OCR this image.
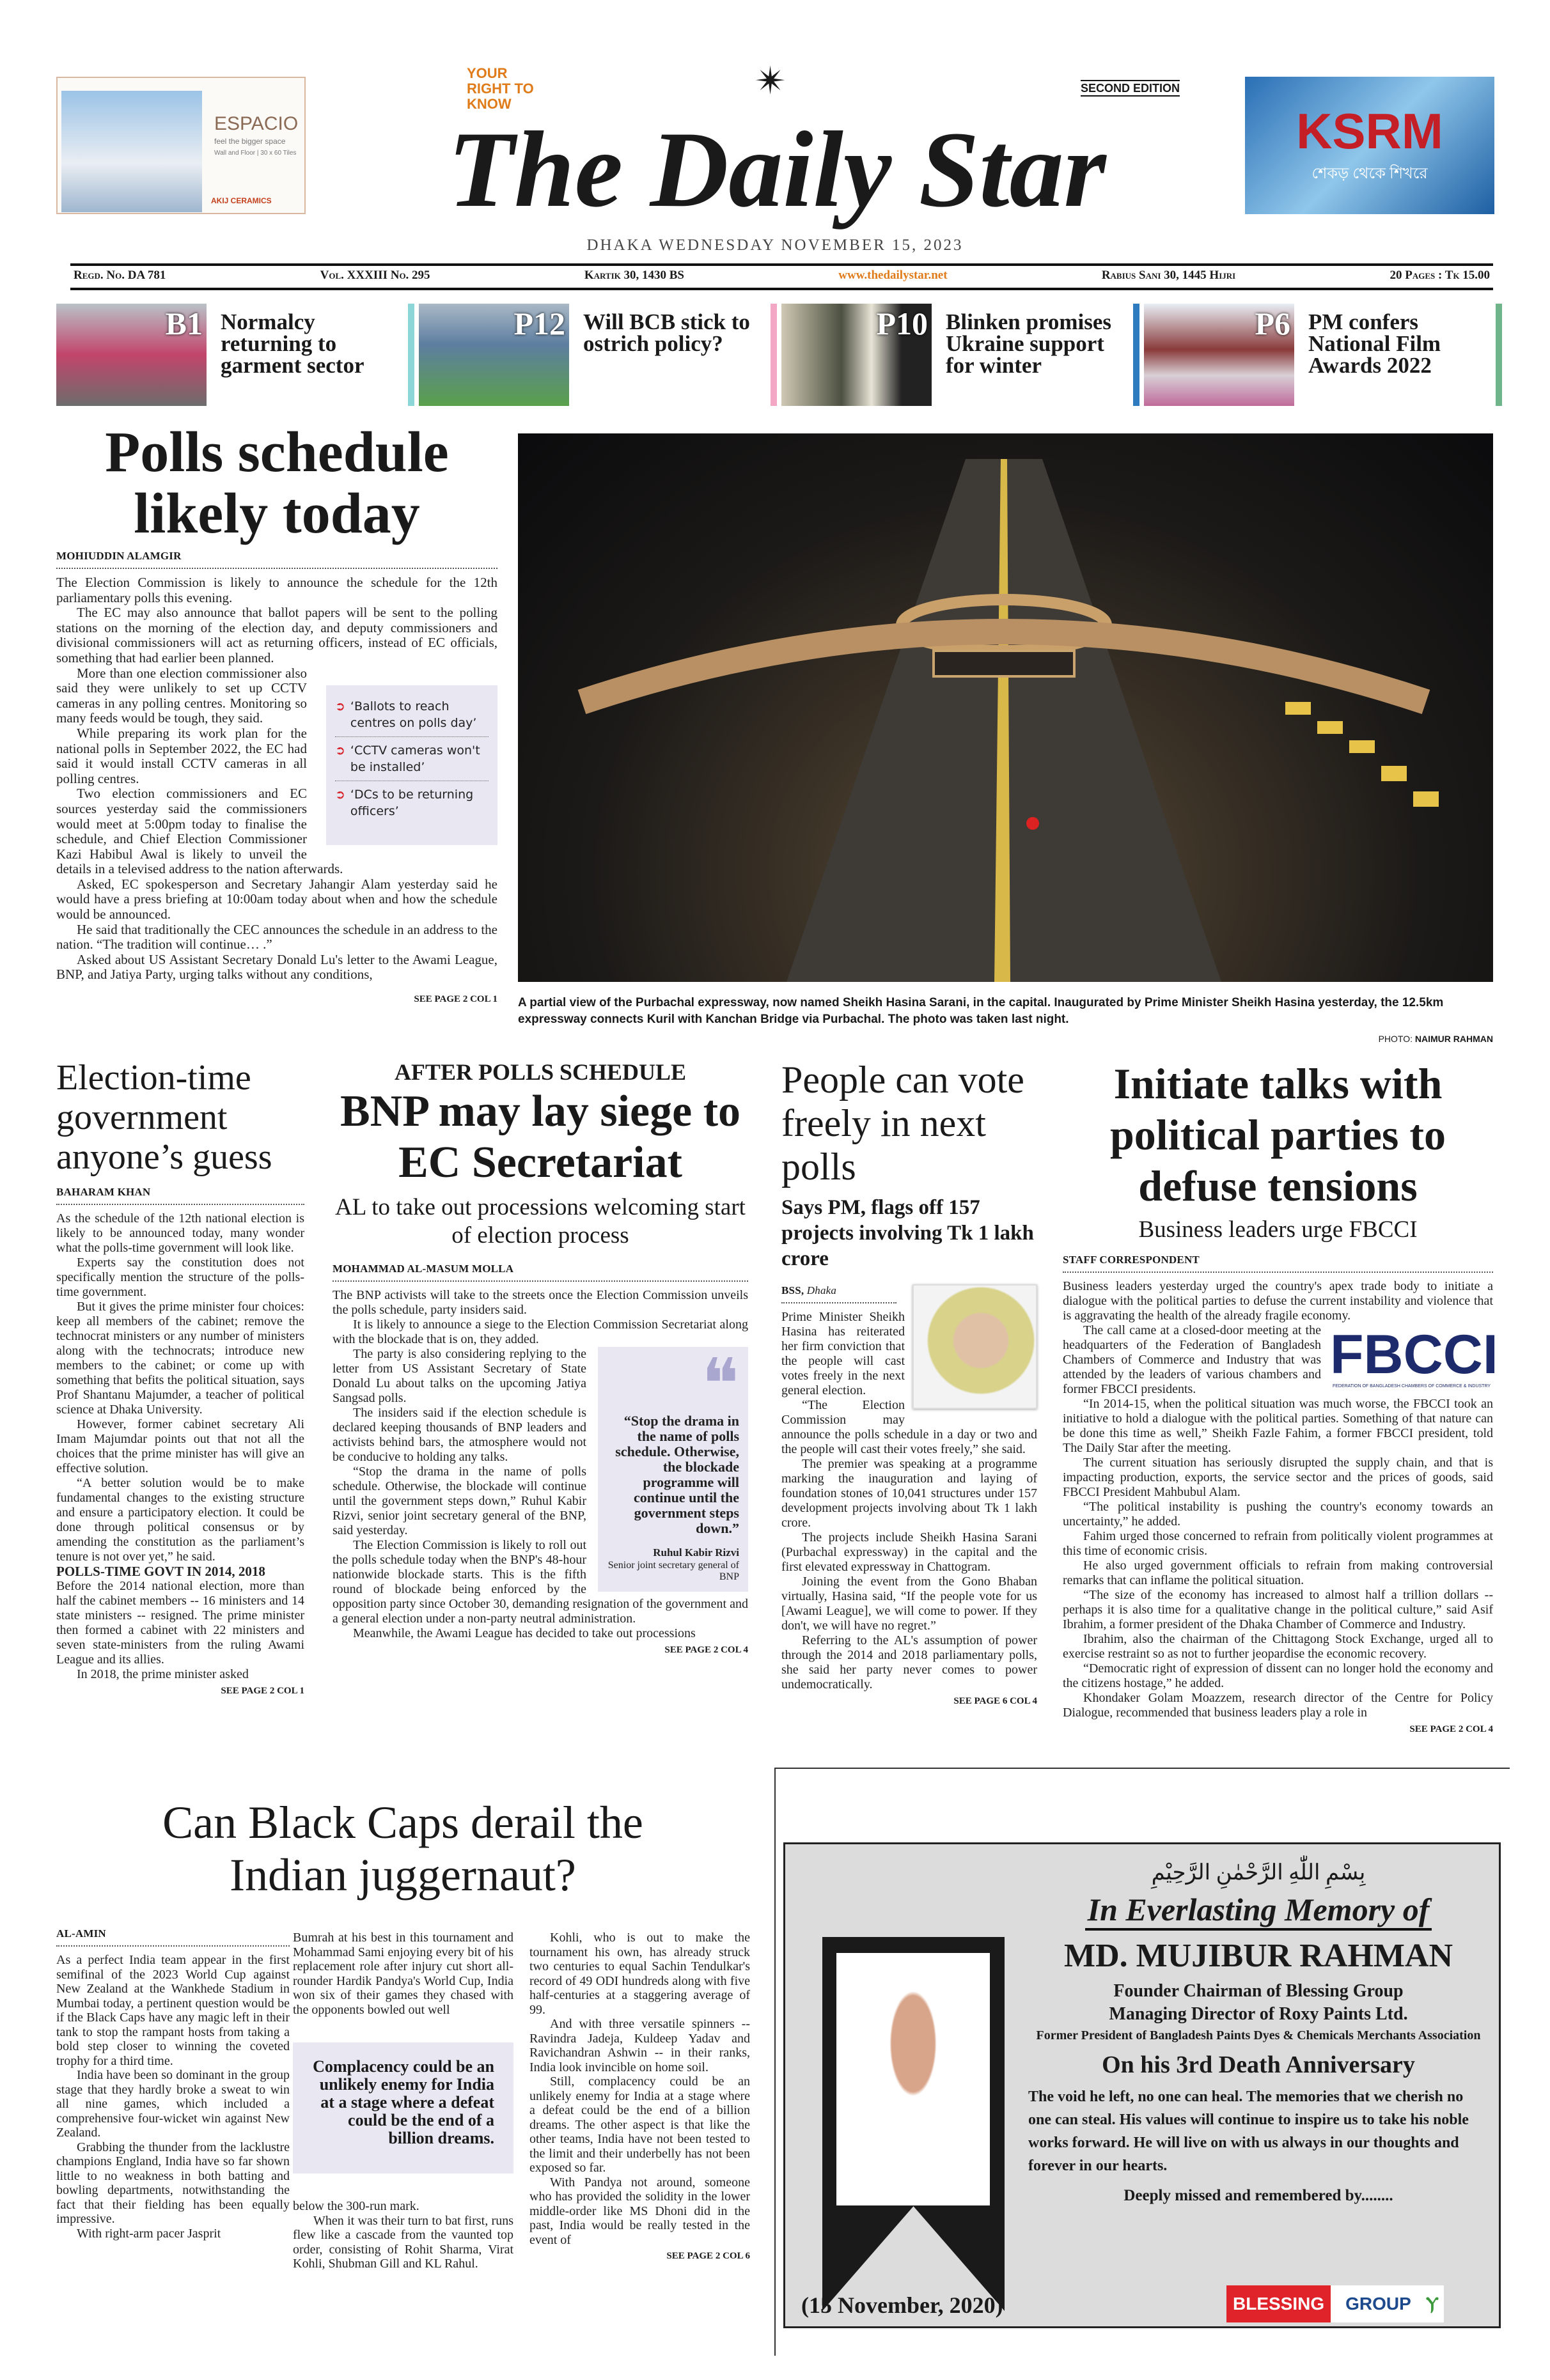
ESPACIO
feel the bigger space
Wall and Floor | 30 x 60 Tiles
AKIJ CERAMICS	The Daily Star
YOUR RIGHT TO KNOW
✴	SECOND EDITION
KSRM
শেকড় থেকে শিখরে
DHAKA WEDNESDAY NOVEMBER 15, 2023
Regd. No. DA 781	Vol. XXXIII No. 295	Kartik 30, 1430 BS	www.thedailystar.net	Rabius Sani 30, 1445 Hijri	20 Pages : Tk 15.00
B1 Normalcy returning to garment sector
P12 Will BCB stick to ostrich policy?
P10 Blinken promises Ukraine support for winter
P6 PM confers National Film Awards 2022
Polls schedule likely today
MOHIUDDIN ALAMGIR

The Election Commission is likely to announce the schedule for the 12th parliamentary polls this evening.

The EC may also announce that ballot papers will be sent to the polling stations on the morning of the election day, and deputy commissioners and divisional commissioners will act as returning officers, instead of EC officials, something that had earlier been planned.

➲ ‘Ballots to reach centres on polls day’
➲ ‘CCTV cameras won't be installed’
➲ ‘DCs to be returning officers’

More than one election commissioner also said they were unlikely to set up CCTV cameras in any polling centres. Monitoring so many feeds would be tough, they said.

While preparing its work plan for the national polls in September 2022, the EC had said it would install CCTV cameras in all polling centres.

Two election commissioners and EC sources yesterday said the commissioners would meet at 5:00pm today to finalise the schedule, and Chief Election Commissioner Kazi Habibul Awal is likely to unveil the details in a televised address to the nation afterwards.

Asked, EC spokesperson and Secretary Jahangir Alam yesterday said he would have a press briefing at 10:00am today about when and how the schedule would be announced.

He said that traditionally the CEC announces the schedule in an address to the nation. “The tradition will continue… .”

Asked about US Assistant Secretary Donald Lu's letter to the Awami League, BNP, and Jatiya Party, urging talks without any conditions,

SEE PAGE 2 COL 1 A partial view of the Purbachal expressway, now named Sheikh Hasina Sarani, in the capital. Inaugurated by Prime Minister Sheikh Hasina yesterday, the 12.5km expressway connects Kuril with Kanchan Bridge via Purbachal. The photo was taken last night.
PHOTO: NAIMUR RAHMAN
Election-time government anyone’s guess
BAHARAM KHAN

As the schedule of the 12th national election is likely to be announced today, many wonder what the polls-time government will look like.

Experts say the constitution does not specifically mention the structure of the polls-time government.

But it gives the prime minister four choices: keep all members of the cabinet; remove the technocrat ministers or any number of ministers along with the technocrats; introduce new members to the cabinet; or come up with something that befits the political situation, says Prof Shantanu Majumder, a teacher of political science at Dhaka University.

However, former cabinet secretary Ali Imam Majumdar points out that not all the choices that the prime minister has will give an effective solution.

“A better solution would be to make fundamental changes to the existing structure and ensure a participatory election. It could be done through political consensus or by amending the constitution as the parliament’s tenure is not over yet,” he said.

POLLS-TIME GOVT IN 2014, 2018

Before the 2014 national election, more than half the cabinet members -- 16 ministers and 14 state ministers -- resigned. The prime minister then formed a cabinet with 22 ministers and seven state-ministers from the ruling Awami League and its allies.

In 2018, the prime minister asked

SEE PAGE 2 COL 1
AFTER POLLS SCHEDULE
BNP may lay siege to EC Secretariat
AL to take out processions welcoming start of election process
MOHAMMAD AL-MASUM MOLLA

The BNP activists will take to the streets once the Election Commission unveils the polls schedule, party insiders said.

It is likely to announce a siege to the Election Commission Secretariat along with the blockade that is on, they added.

❝
“Stop the drama in the name of polls schedule. Otherwise, the blockade programme will continue until the government steps down.”
Ruhul Kabir Rizvi
Senior joint secretary general of BNP

The party is also considering replying to the letter from US Assistant Secretary of State Donald Lu about talks on the upcoming Jatiya Sangsad polls.

The insiders said if the election schedule is declared keeping thousands of BNP leaders and activists behind bars, the atmosphere would not be conducive to holding any talks.

“Stop the drama in the name of polls schedule. Otherwise, the blockade will continue until the government steps down,” Ruhul Kabir Rizvi, senior joint secretary general of the BNP, said yesterday.

The Election Commission is likely to roll out the polls schedule today when the BNP's 48-hour nationwide blockade starts. This is the fifth round of blockade being enforced by the opposition party since October 30, demanding resignation of the government and a general election under a non-party neutral administration.

Meanwhile, the Awami League has decided to take out processions

SEE PAGE 2 COL 4
People can vote freely in next polls
Says PM, flags off 157 projects involving Tk 1 lakh crore
BSS, Dhaka

Prime Minister Sheikh Hasina has reiterated her firm conviction that the people will cast votes freely in the next general election.

“The Election Commission may announce the polls schedule in a day or two and the people will cast their votes freely,” she said.

The premier was speaking at a programme marking the inauguration and laying of foundation stones of 10,041 structures under 157 development projects involving about Tk 1 lakh crore.

The projects include Sheikh Hasina Sarani (Purbachal expressway) in the capital and the first elevated expressway in Chattogram.

Joining the event from the Gono Bhaban virtually, Hasina said, “If the people vote for us [Awami League], we will come to power. If they don't, we will have no regret.”

Referring to the AL's assumption of power through the 2014 and 2018 parliamentary polls, she said her party never comes to power undemocratically.

SEE PAGE 6 COL 4
Initiate talks with political parties to defuse tensions
Business leaders urge FBCCI
STAFF CORRESPONDENT

Business leaders yesterday urged the country's apex trade body to initiate a dialogue with the political parties to defuse the current instability and violence that is aggravating the health of the already fragile economy.

FBCCI
FEDERATION OF BANGLADESH CHAMBERS OF COMMERCE & INDUSTRY

The call came at a closed-door meeting at the headquarters of the Federation of Bangladesh Chambers of Commerce and Industry that was attended by the leaders of various chambers and former FBCCI presidents.

“In 2014-15, when the political situation was much worse, the FBCCI took an initiative to hold a dialogue with the political parties. Something of that nature can be done this time as well,” Sheikh Fazle Fahim, a former FBCCI president, told The Daily Star after the meeting.

The current situation has seriously disrupted the supply chain, and that is impacting production, exports, the service sector and the prices of goods, said FBCCI President Mahbubul Alam.

“The political instability is pushing the country's economy towards an uncertainty,” he added.

Fahim urged those concerned to refrain from politically violent programmes at this time of economic crisis.

He also urged government officials to refrain from making controversial remarks that can inflame the political situation.

“The size of the economy has increased to almost half a trillion dollars -- perhaps it is also time for a qualitative change in the political culture,” said Asif Ibrahim, a former president of the Dhaka Chamber of Commerce and Industry.

Ibrahim, also the chairman of the Chittagong Stock Exchange, urged all to exercise restraint so as not to further jeopardise the economic recovery.

“Democratic right of expression of dissent can no longer hold the economy and the citizens hostage,” he added.

Khondaker Golam Moazzem, research director of the Centre for Policy Dialogue, recommended that business leaders play a role in

SEE PAGE 2 COL 4
Can Black Caps derail the Indian juggernaut?
AL-AMIN

As a perfect India team appear in the first semifinal of the 2023 World Cup against New Zealand at the Wankhede Stadium in Mumbai today, a pertinent question would be if the Black Caps have any magic left in their tank to stop the rampant hosts from taking a bold step closer to winning the coveted trophy for a third time.

India have been so dominant in the group stage that they hardly broke a sweat to win all nine games, which included a comprehensive four-wicket win against New Zealand.

Grabbing the thunder from the lacklustre champions England, India have so far shown little to no weakness in both batting and bowling departments, notwithstanding the fact that their fielding has been equally impressive.

With right-arm pacer Jasprit

Bumrah at his best in this tournament and Mohammad Sami enjoying every bit of his replacement role after injury cut short all-rounder Hardik Pandya's World Cup, India won six of their games they chased with the opponents bowled out well

Complacency could be an unlikely enemy for India at a stage where a defeat could be the end of a billion dreams.

below the 300-run mark.

When it was their turn to bat first, runs flew like a cascade from the vaunted top order, consisting of Rohit Sharma, Virat Kohli, Shubman Gill and KL Rahul.

Kohli, who is out to make the tournament his own, has already struck two centuries to equal Sachin Tendulkar's record of 49 ODI hundreds along with five half-centuries at a staggering average of 99.

And with three versatile spinners -- Ravindra Jadeja, Kuldeep Yadav and Ravichandran Ashwin -- in their ranks, India look invincible on home soil.

Still, complacency could be an unlikely enemy for India at a stage where a defeat could be the end of a billion dreams. The other aspect is that like the other teams, India have not been tested to the limit and their underbelly has not been exposed so far.

With Pandya not around, someone who has provided the solidity in the lower middle-order like MS Dhoni did in the past, India would be really tested in the event of

SEE PAGE 2 COL 6
(15 November, 2020)
بِسْمِ اللّٰهِ الرَّحْمٰنِ الرَّحِيْمِ
In Everlasting Memory of
MD. MUJIBUR RAHMAN
Founder Chairman of Blessing Group
Managing Director of Roxy Paints Ltd.
Former President of Bangladesh Paints Dyes & Chemicals Merchants Association
On his 3rd Death Anniversary
The void he left, no one can heal. The memories that we cherish no one can steal. His values will continue to inspire us to take his noble works forward. He will live on with us always in our thoughts and forever in our hearts.
Deeply missed and remembered by........
BLESSING	GROUP Ⲩ
